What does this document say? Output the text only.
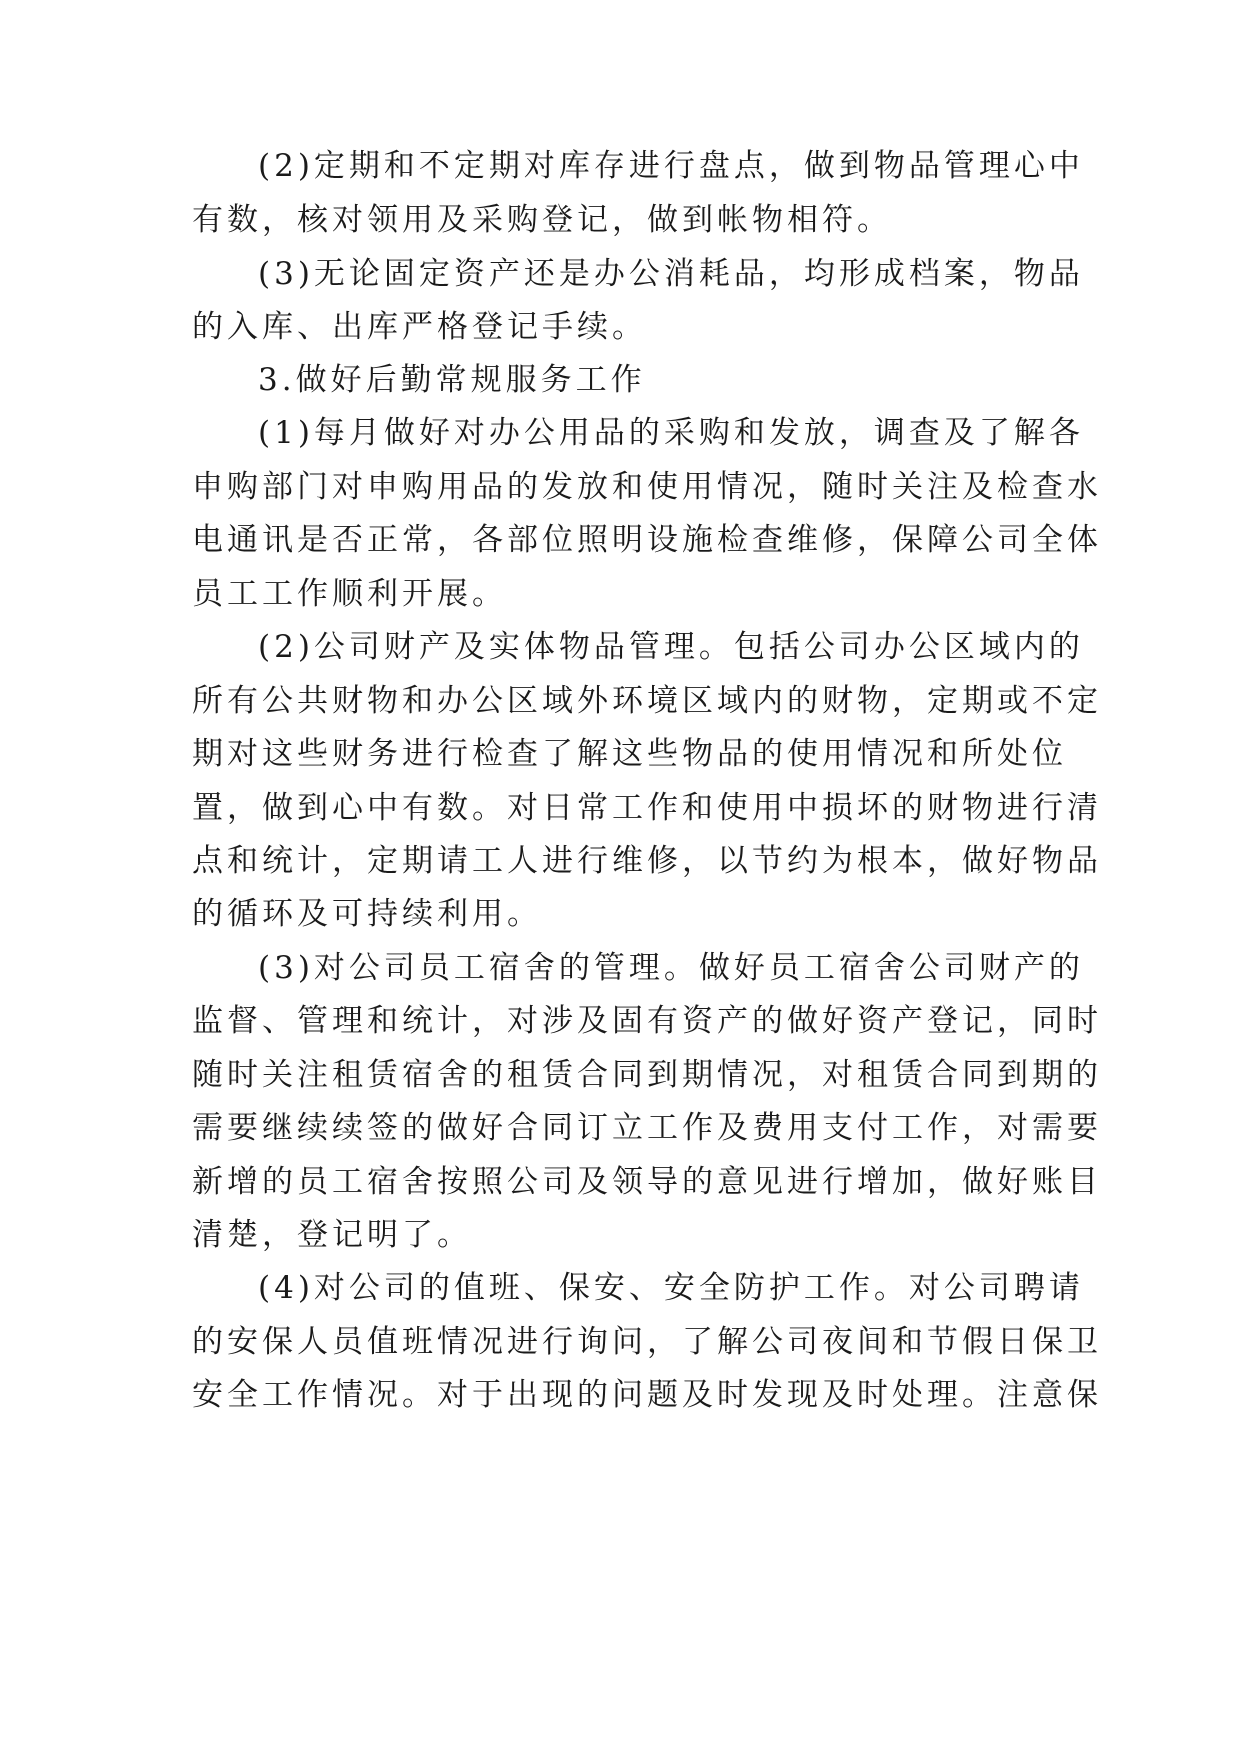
(2)定期和不定期对库存进行盘点，做到物品管理心中

有数，核对领用及采购登记，做到帐物相符。

(3)无论固定资产还是办公消耗品，均形成档案，物品

的入库、出库严格登记手续。

3.做好后勤常规服务工作

(1)每月做好对办公用品的采购和发放，调查及了解各

申购部门对申购用品的发放和使用情况，随时关注及检查水

电通讯是否正常，各部位照明设施检查维修，保障公司全体

员工工作顺利开展。

(2)公司财产及实体物品管理。包括公司办公区域内的

所有公共财物和办公区域外环境区域内的财物，定期或不定

期对这些财务进行检查了解这些物品的使用情况和所处位

置，做到心中有数。对日常工作和使用中损坏的财物进行清

点和统计，定期请工人进行维修，以节约为根本，做好物品

的循环及可持续利用。

(3)对公司员工宿舍的管理。做好员工宿舍公司财产的

监督、管理和统计，对涉及固有资产的做好资产登记，同时

随时关注租赁宿舍的租赁合同到期情况，对租赁合同到期的

需要继续续签的做好合同订立工作及费用支付工作，对需要

新增的员工宿舍按照公司及领导的意见进行增加，做好账目

清楚，登记明了。

(4)对公司的值班、保安、安全防护工作。对公司聘请

的安保人员值班情况进行询问，了解公司夜间和节假日保卫

安全工作情况。对于出现的问题及时发现及时处理。注意保
